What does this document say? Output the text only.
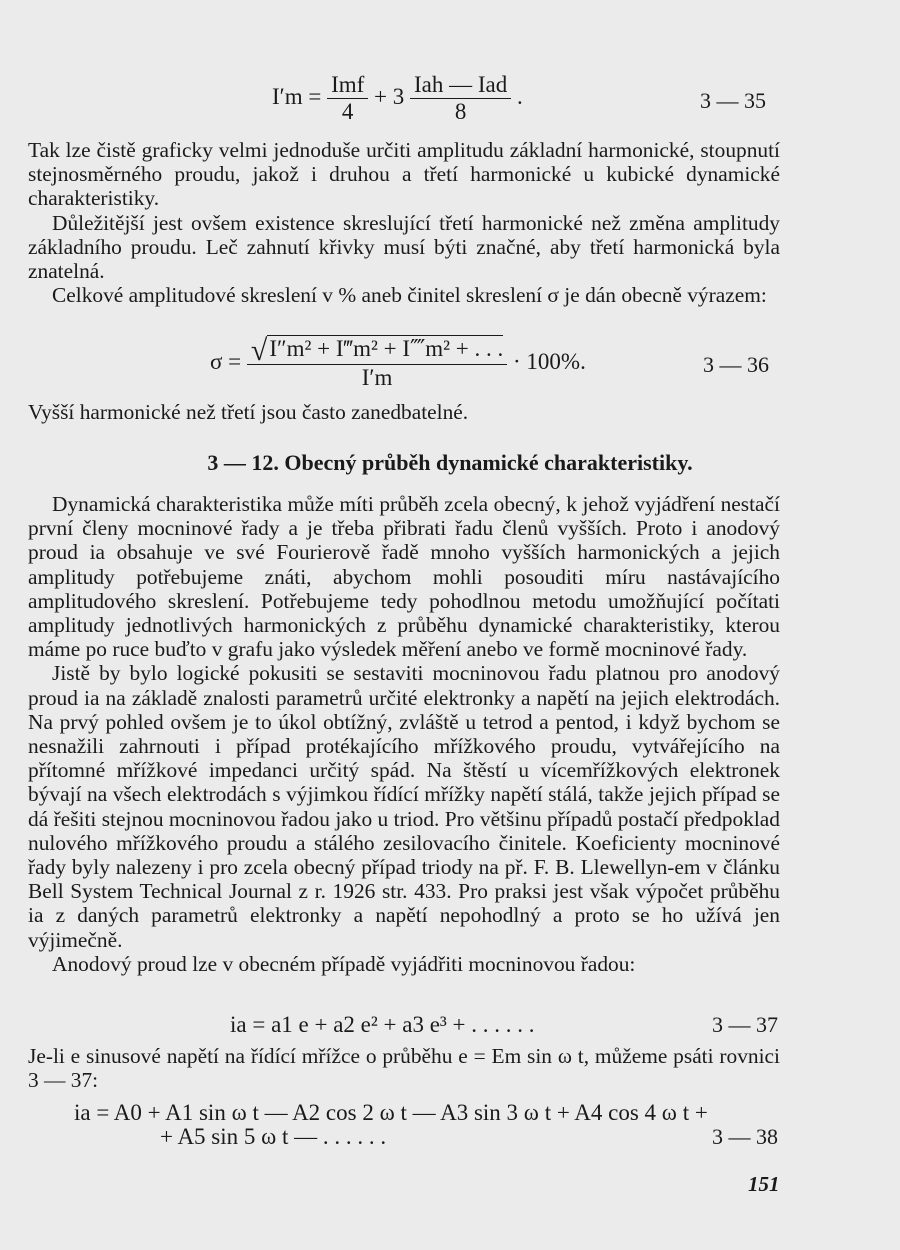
$I'm = \frac{\text{Imf}}{4} + 3 \frac{\text{Iah — Iad}}{8}$ .	3 — 35

Tak lze čistě graficky velmi jednoduše určiti amplitudu základní harmonické, stoupnutí stejnosměrného proudu, jakož i druhou a třetí harmonické u kubické dynamické charakteristiky.

Důležitější jest ovšem existence skreslující třetí harmonické než změna amplitudy základního proudu. Leč zahnutí křivky musí býti značné, aby třetí harmonická byla znatelná.

Celkové amplitudové skreslení v % aneb činitel skreslení σ je dán obecně výrazem:

$\sigma = \frac{\text{√I″m² + I‴m² + I⁗m² + . . .}}{I'm} \cdot 100\%$.	3 — 36

Vyšší harmonické než třetí jsou často zanedbatelné.

3 — 12. Obecný průběh dynamické charakteristiky.

Dynamická charakteristika může míti průběh zcela obecný, k jehož vyjádření nestačí první členy mocninové řady a je třeba přibrati řadu členů vyšších. Proto i anodový proud ia obsahuje ve své Fourierově řadě mnoho vyšších harmonických a jejich amplitudy potřebujeme znáti, abychom mohli posouditi míru nastávajícího amplitudového skreslení. Potřebujeme tedy pohodlnou metodu umožňující počítati amplitudy jednotlivých harmonických z průběhu dynamické charakteristiky, kterou máme po ruce buďto v grafu jako výsledek měření anebo ve formě mocninové řady.

Jistě by bylo logické pokusiti se sestaviti mocninovou řadu platnou pro anodový proud ia na základě znalosti parametrů určité elektronky a napětí na jejich elektrodách. Na prvý pohled ovšem je to úkol obtížný, zvláště u tetrod a pentod, i když bychom se nesnažili zahrnouti i případ protékajícího mřížkového proudu, vytvářejícího na přítomné mřížkové impedanci určitý spád. Na štěstí u vícemřížkových elektronek bývají na všech elektrodách s výjimkou řídící mřížky napětí stálá, takže jejich případ se dá řešiti stejnou mocninovou řadou jako u triod. Pro většinu případů postačí předpoklad nulového mřížkového proudu a stálého zesilovacího činitele. Koeficienty mocninové řady byly nalezeny i pro zcela obecný případ triody na př. F. B. Llewellyn-em v článku Bell System Technical Journal z r. 1926 str. 433. Pro praksi jest však výpočet průběhu ia z daných parametrů elektronky a napětí nepohodlný a proto se ho užívá jen výjimečně.

Anodový proud lze v obecném případě vyjádřiti mocninovou řadou:

ia = a1 e + a2 e² + a3 e³ + . . . . . .	3 — 37

Je-li e sinusové napětí na řídící mřížce o průběhu e = Em sin ω t, můžeme psáti rovnici 3 — 37:

ia = A0 + A1 sin ω t — A2 cos 2 ω t — A3 sin 3 ω t + A4 cos 4 ω t +
+ A5 sin 5 ω t — . . . . . .	3 — 38
151
